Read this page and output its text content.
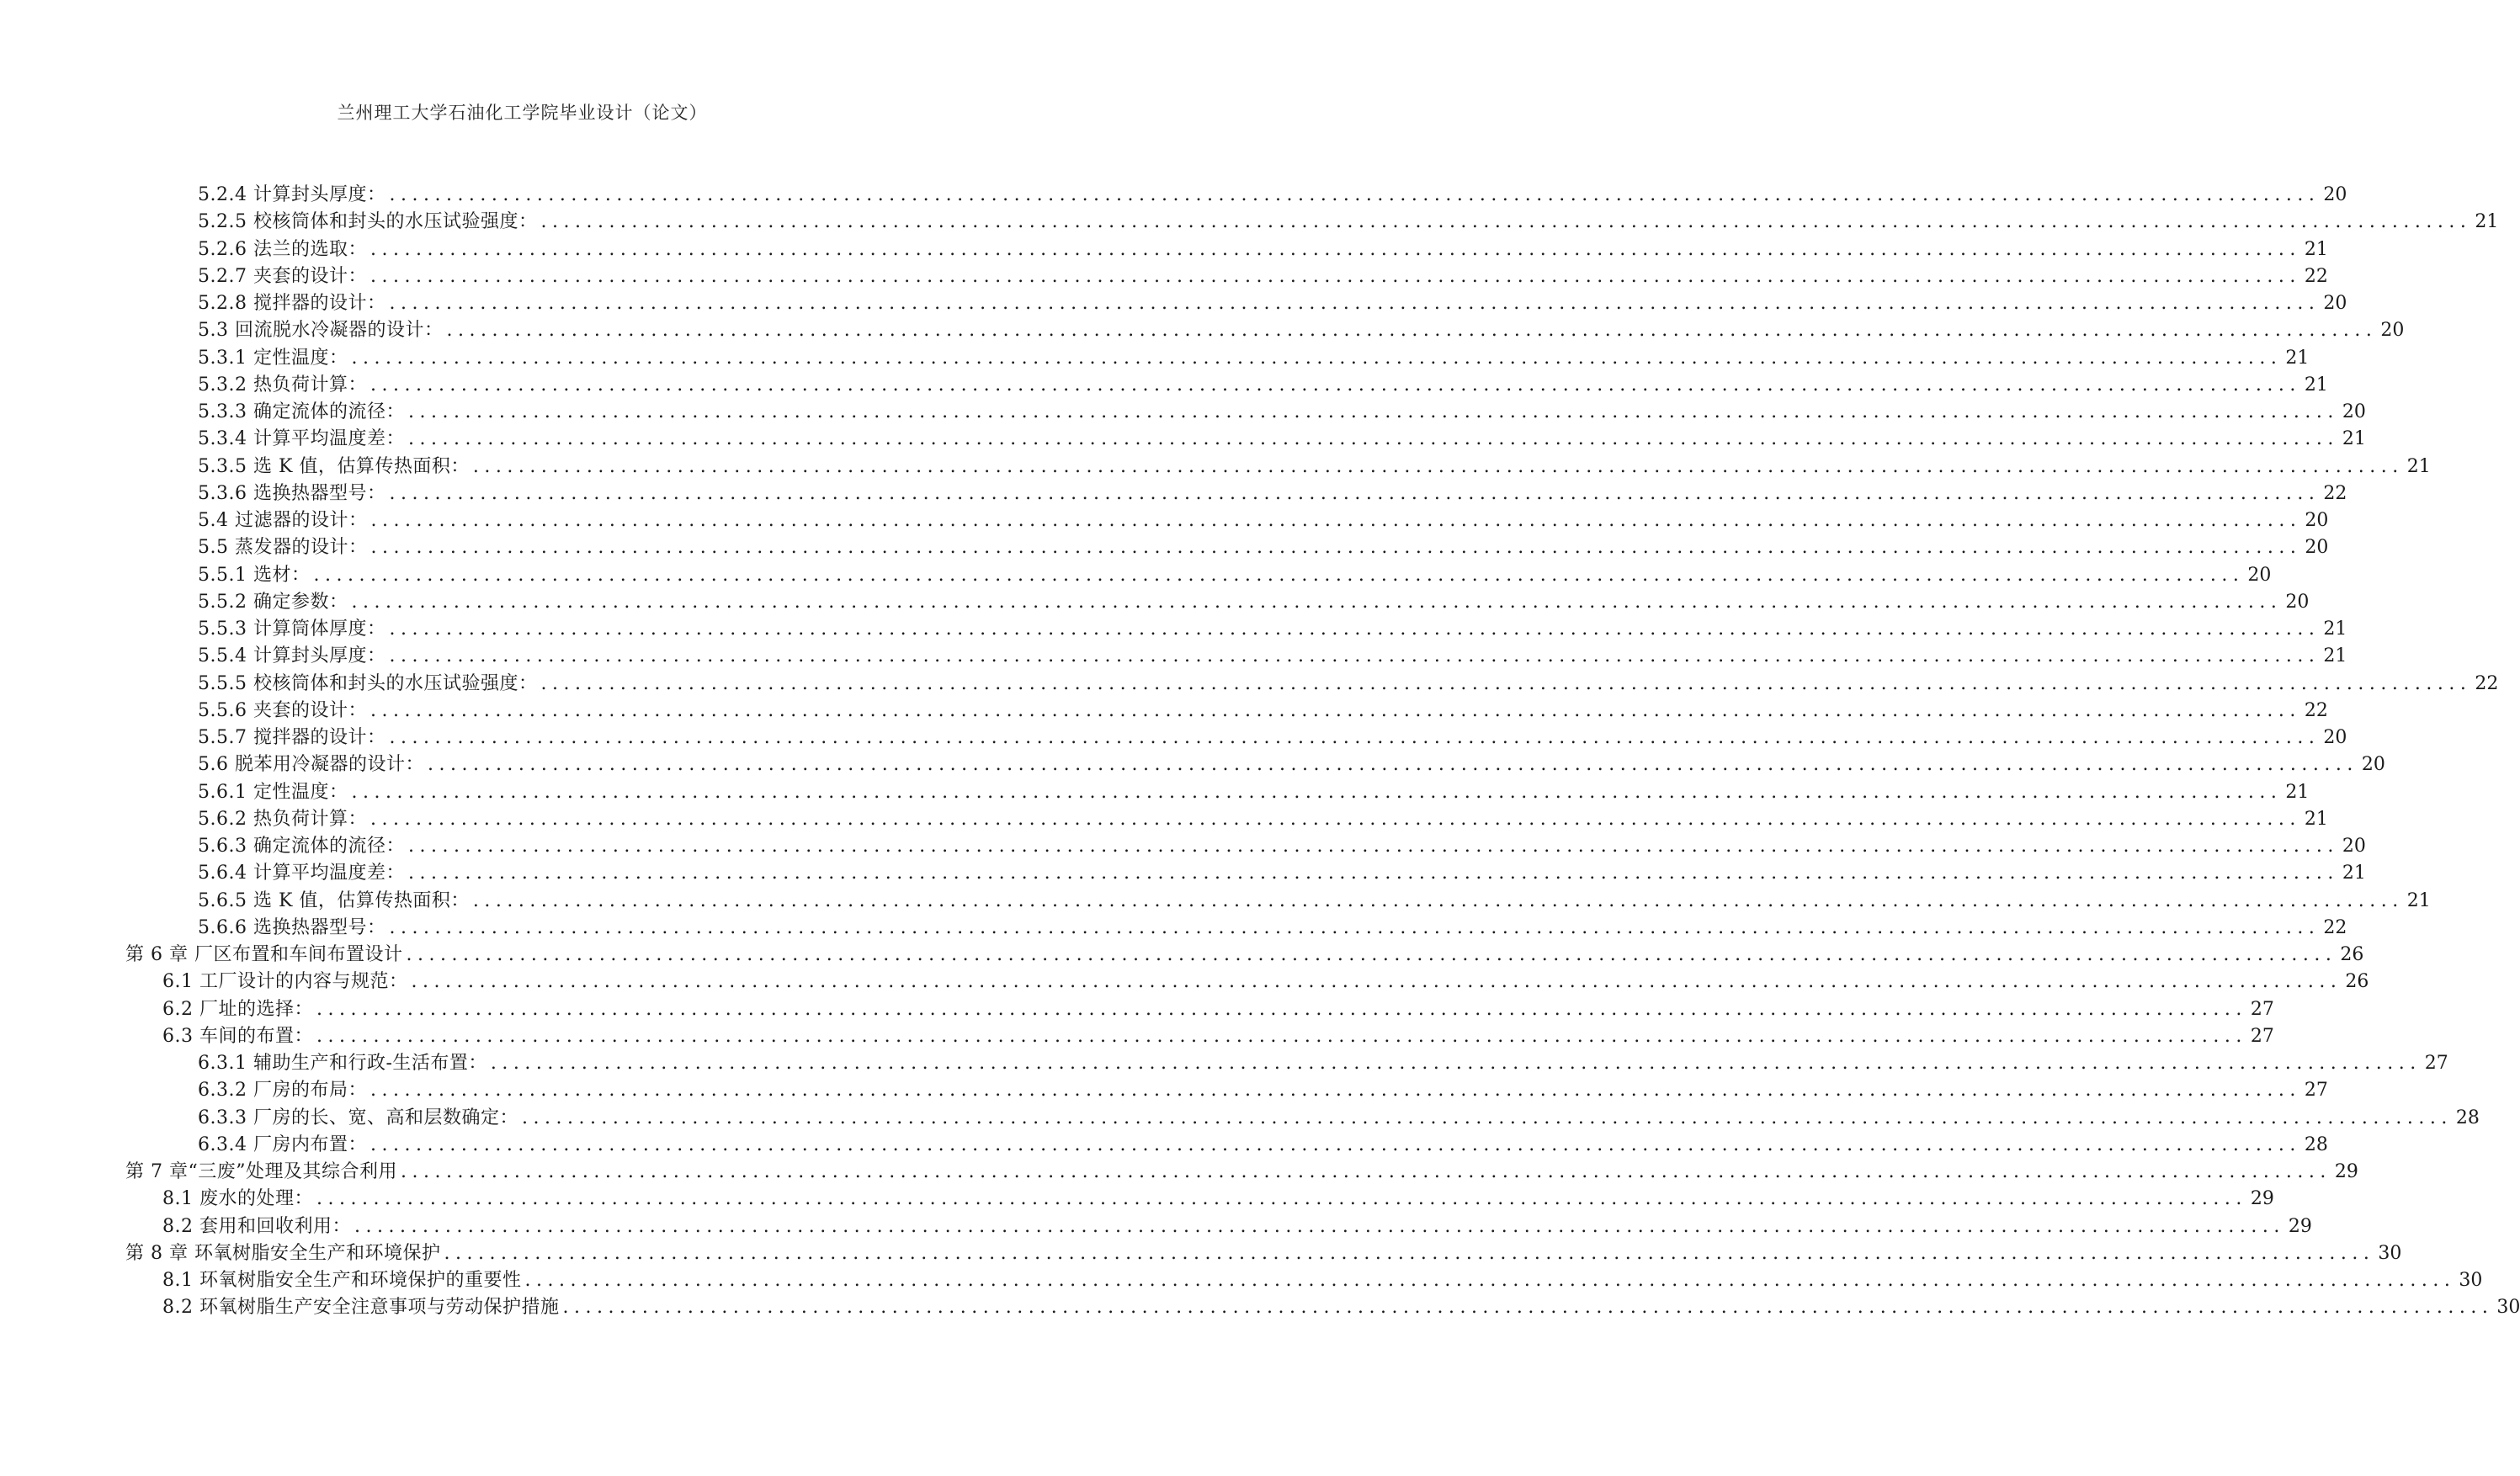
兰州理工大学石油化工学院毕业设计（论文）
5.2.4 计算封头厚度： .......................................................................................................................................................................... 20
5.2.5 校核筒体和封头的水压试验强度： .......................................................................................................................................................................... 21
5.2.6 法兰的选取： .......................................................................................................................................................................... 21
5.2.7 夹套的设计： .......................................................................................................................................................................... 22
5.2.8 搅拌器的设计： .......................................................................................................................................................................... 20
5.3 回流脱水冷凝器的设计： .......................................................................................................................................................................... 20
5.3.1 定性温度： .......................................................................................................................................................................... 21
5.3.2 热负荷计算： .......................................................................................................................................................................... 21
5.3.3 确定流体的流径： .......................................................................................................................................................................... 20
5.3.4 计算平均温度差： .......................................................................................................................................................................... 21
5.3.5 选 K 值，估算传热面积： .......................................................................................................................................................................... 21
5.3.6 选换热器型号： .......................................................................................................................................................................... 22
5.4 过滤器的设计： .......................................................................................................................................................................... 20
5.5 蒸发器的设计： .......................................................................................................................................................................... 20
5.5.1 选材： .......................................................................................................................................................................... 20
5.5.2 确定参数： .......................................................................................................................................................................... 20
5.5.3 计算筒体厚度： .......................................................................................................................................................................... 21
5.5.4 计算封头厚度： .......................................................................................................................................................................... 21
5.5.5 校核筒体和封头的水压试验强度： .......................................................................................................................................................................... 22
5.5.6 夹套的设计： .......................................................................................................................................................................... 22
5.5.7 搅拌器的设计： .......................................................................................................................................................................... 20
5.6 脱苯用冷凝器的设计： .......................................................................................................................................................................... 20
5.6.1 定性温度： .......................................................................................................................................................................... 21
5.6.2 热负荷计算： .......................................................................................................................................................................... 21
5.6.3 确定流体的流径： .......................................................................................................................................................................... 20
5.6.4 计算平均温度差： .......................................................................................................................................................................... 21
5.6.5 选 K 值，估算传热面积： .......................................................................................................................................................................... 21
5.6.6 选换热器型号： .......................................................................................................................................................................... 22
第 6 章 厂区布置和车间布置设计 .......................................................................................................................................................................... 26
6.1 工厂设计的内容与规范： .......................................................................................................................................................................... 26
6.2 厂址的选择： .......................................................................................................................................................................... 27
6.3 车间的布置： .......................................................................................................................................................................... 27
6.3.1 辅助生产和行政-生活布置： .......................................................................................................................................................................... 27
6.3.2 厂房的布局： .......................................................................................................................................................................... 27
6.3.3 厂房的长、宽、高和层数确定： .......................................................................................................................................................................... 28
6.3.4 厂房内布置： .......................................................................................................................................................................... 28
第 7 章“三废”处理及其综合利用 .......................................................................................................................................................................... 29
8.1 废水的处理： .......................................................................................................................................................................... 29
8.2 套用和回收利用： .......................................................................................................................................................................... 29
第 8 章 环氧树脂安全生产和环境保护 .......................................................................................................................................................................... 30
8.1 环氧树脂安全生产和环境保护的重要性 .......................................................................................................................................................................... 30
8.2 环氧树脂生产安全注意事项与劳动保护措施 .......................................................................................................................................................................... 30
